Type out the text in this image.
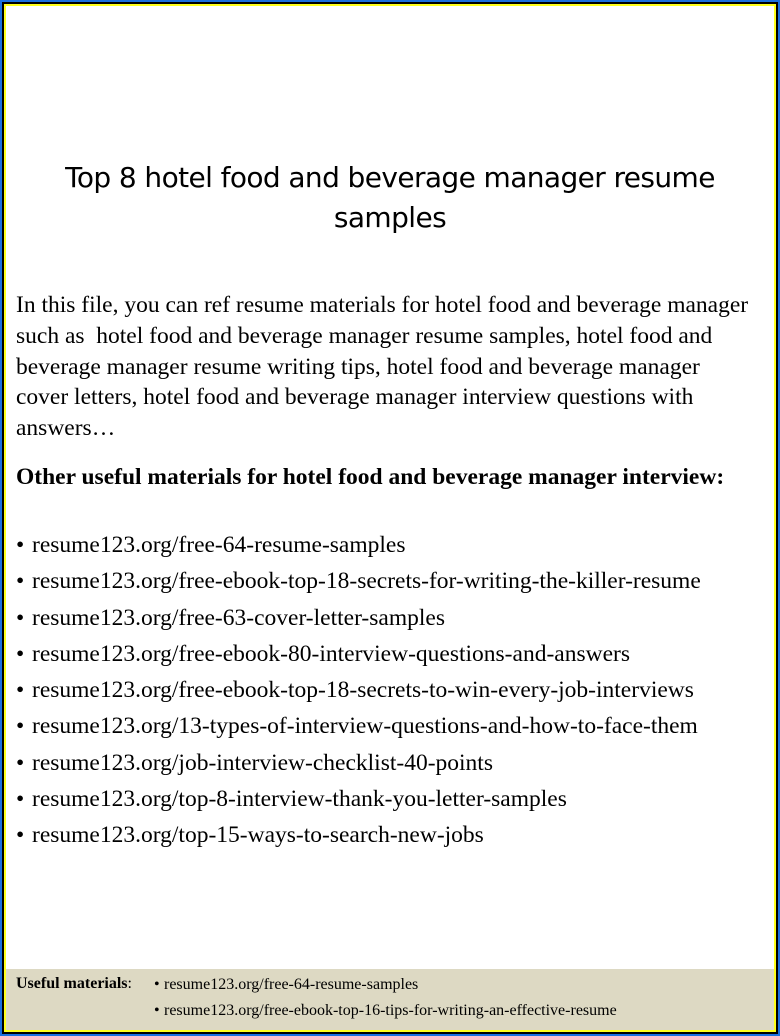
Top 8 hotel food and beverage manager resume samples
In this file, you can ref resume materials for hotel food and beverage manager such as  hotel food and beverage manager resume samples, hotel food and beverage manager resume writing tips, hotel food and beverage manager cover letters, hotel food and beverage manager interview questions with answers…
Other useful materials for hotel food and beverage manager interview:
• resume123.org/free-64-resume-samples
• resume123.org/free-ebook-top-18-secrets-for-writing-the-killer-resume
• resume123.org/free-63-cover-letter-samples
• resume123.org/free-ebook-80-interview-questions-and-answers
• resume123.org/free-ebook-top-18-secrets-to-win-every-job-interviews
• resume123.org/13-types-of-interview-questions-and-how-to-face-them
• resume123.org/job-interview-checklist-40-points
• resume123.org/top-8-interview-thank-you-letter-samples
• resume123.org/top-15-ways-to-search-new-jobs
Useful materials: • resume123.org/free-64-resume-samples
• resume123.org/free-ebook-top-16-tips-for-writing-an-effective-resume
